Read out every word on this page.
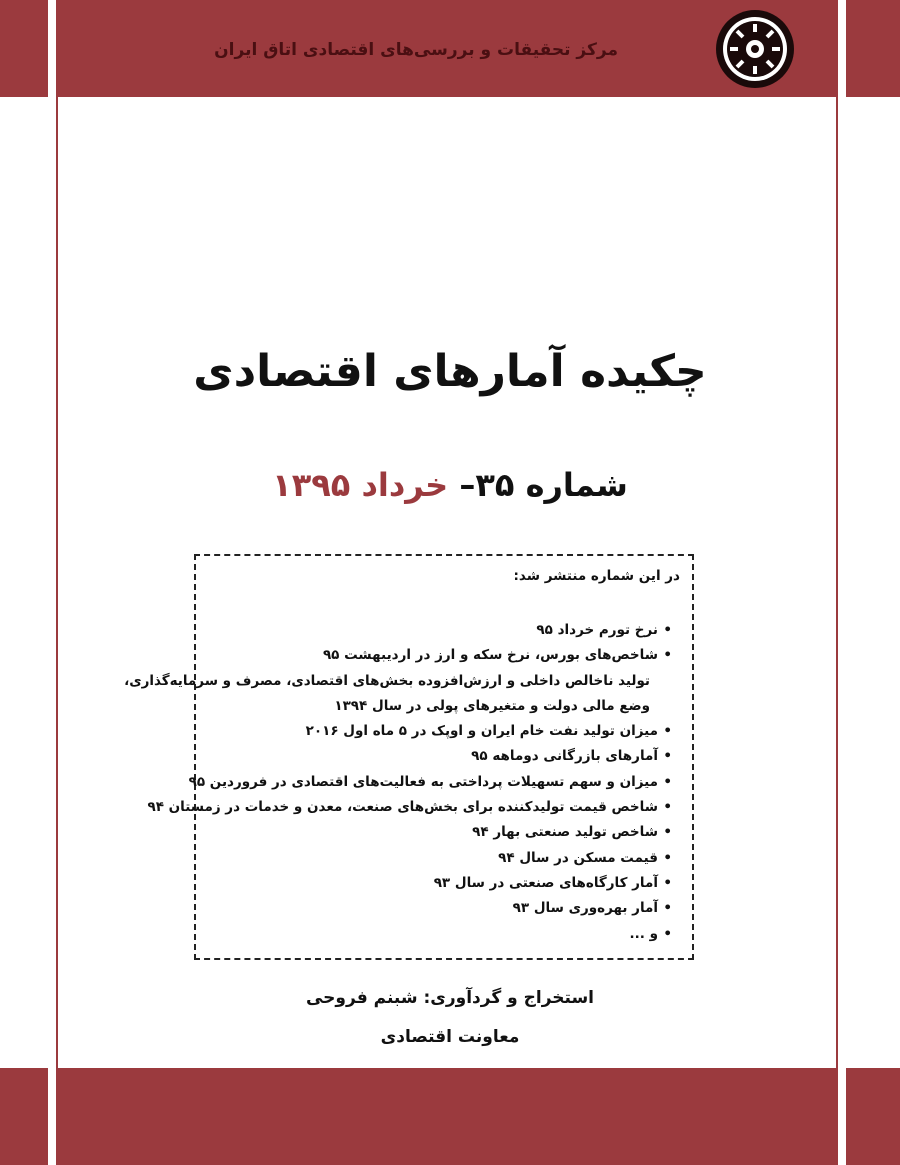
مرکز تحقیقات و بررسی‌های اقتصادی اتاق ایران
چکیده آمارهای اقتصادی
شماره ۳۵– خرداد ۱۳۹۵
در این شماره منتشر شد:
•نرخ تورم خرداد ۹۵
•شاخص‌های بورس، نرخ سکه و ارز در اردیبهشت ۹۵
تولید ناخالص داخلی و ارزش‌افزوده بخش‌های اقتصادی، مصرف و سرمایه‌گذاری،
وضع مالی دولت و متغیرهای پولی در سال ۱۳۹۴
•میزان تولید نفت خام ایران و اوپک در ۵ ماه اول ۲۰۱۶
•آمارهای بازرگانی دوماهه ۹۵
•میزان و سهم تسهیلات پرداختی به فعالیت‌های اقتصادی در فروردین ۹۵
•شاخص قیمت تولیدکننده برای بخش‌های صنعت، معدن و خدمات در زمستان ۹۴
•شاخص تولید صنعتی بهار ۹۴
•قیمت مسکن در سال ۹۴
•آمار کارگاه‌های صنعتی در سال ۹۳
•آمار بهره‌وری سال ۹۳
•و ...
استخراج و گردآوری: شبنم فروحی
معاونت اقتصادی
